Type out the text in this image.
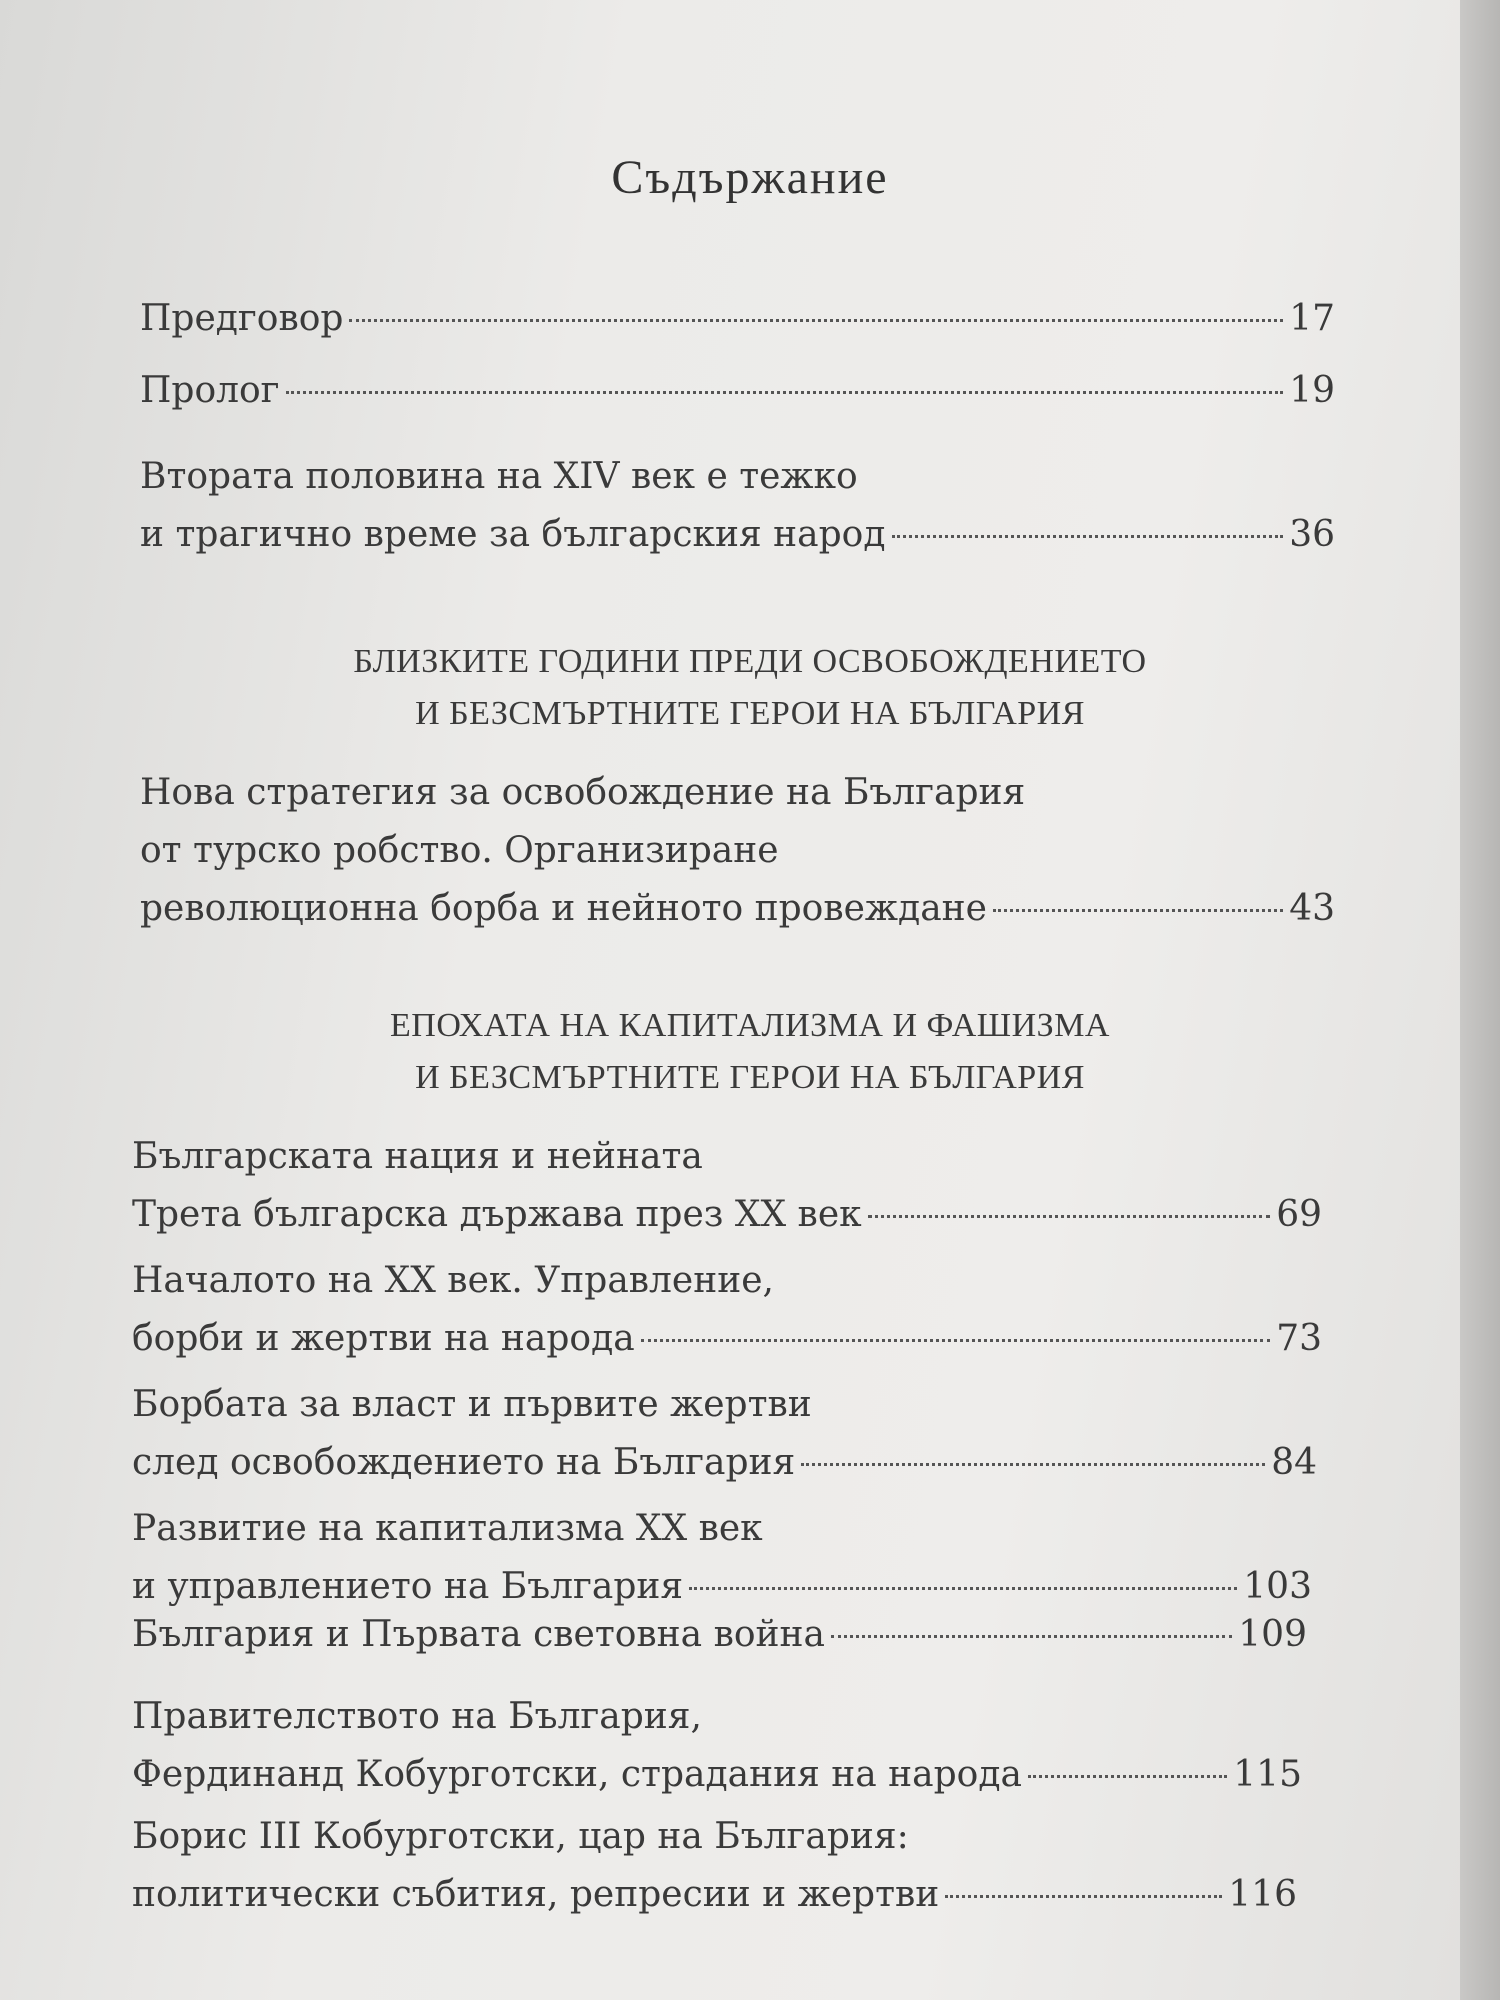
Съдържание
Предговор	17
Пролог	19
Втората половина на XIV век е тежко
и трагично време за българския народ	36
БЛИЗКИТЕ ГОДИНИ ПРЕДИ ОСВОБОЖДЕНИЕТО
И БЕЗСМЪРТНИТЕ ГЕРОИ НА БЪЛГАРИЯ
Нова стратегия за освобождение на България
от турско робство. Организиране
революционна борба и нейното провеждане	43
ЕПОХАТА НА КАПИТАЛИЗМА И ФАШИЗМА
И БЕЗСМЪРТНИТЕ ГЕРОИ НА БЪЛГАРИЯ
Българската нация и нейната
Трета българска държава през XX век	69
Началото на XX век. Управление,
борби и жертви на народа	73
Борбата за власт и първите жертви
след освобождението на България	84
Развитие на капитализма XX век
и управлението на България	103
България и Първата световна война	109
Правителството на България,
Фердинанд Кобурготски, страдания на народа	115
Борис III Кобурготски, цар на България:
политически събития, репресии и жертви	116
